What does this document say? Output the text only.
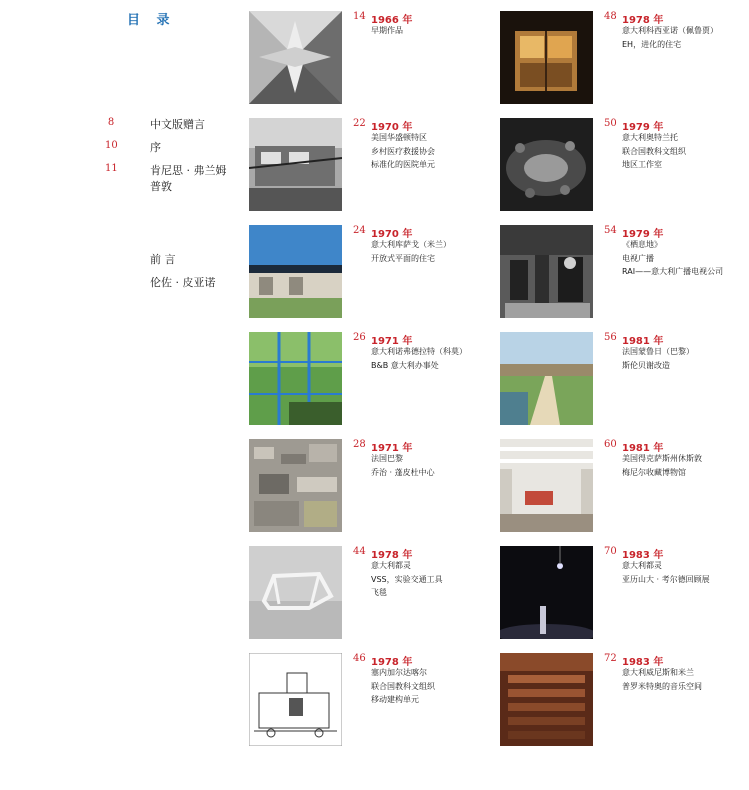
目 录
8	中文版赠言
10	序
11	肯尼思 · 弗兰姆普敦
前 言
伦佐 · 皮亚诺
14 1966 年
早期作品
22 1970 年
美国华盛顿特区
乡村医疗救援协会
标准化的医院单元
24 1970 年
意大利库萨戈（米兰）
开放式平面的住宅
26 1971 年
意大利诺弗德拉特（科莫）
B&B 意大利办事处
28 1971 年
法国巴黎
乔治 · 蓬皮杜中心
44 1978 年
意大利都灵
VSS，实验交通工具
飞毯
46 1978 年
塞内加尔达喀尔
联合国教科文组织
移动建构单元
48 1978 年
意大利科西亚诺（佩鲁贾）
EH，进化的住宅
50 1979 年
意大利奥特兰托
联合国教科文组织
地区工作室
54 1979 年
《栖息地》
电视广播
RAI——意大利广播电视公司
56 1981 年
法国蒙鲁日（巴黎）
斯伦贝谢改造
60 1981 年
美国得克萨斯州休斯敦
梅尼尔收藏博物馆
70 1983 年
意大利都灵
亚历山大 · 考尔德回顾展
72 1983 年
意大利威尼斯和米兰
普罗米特奥的音乐空间
